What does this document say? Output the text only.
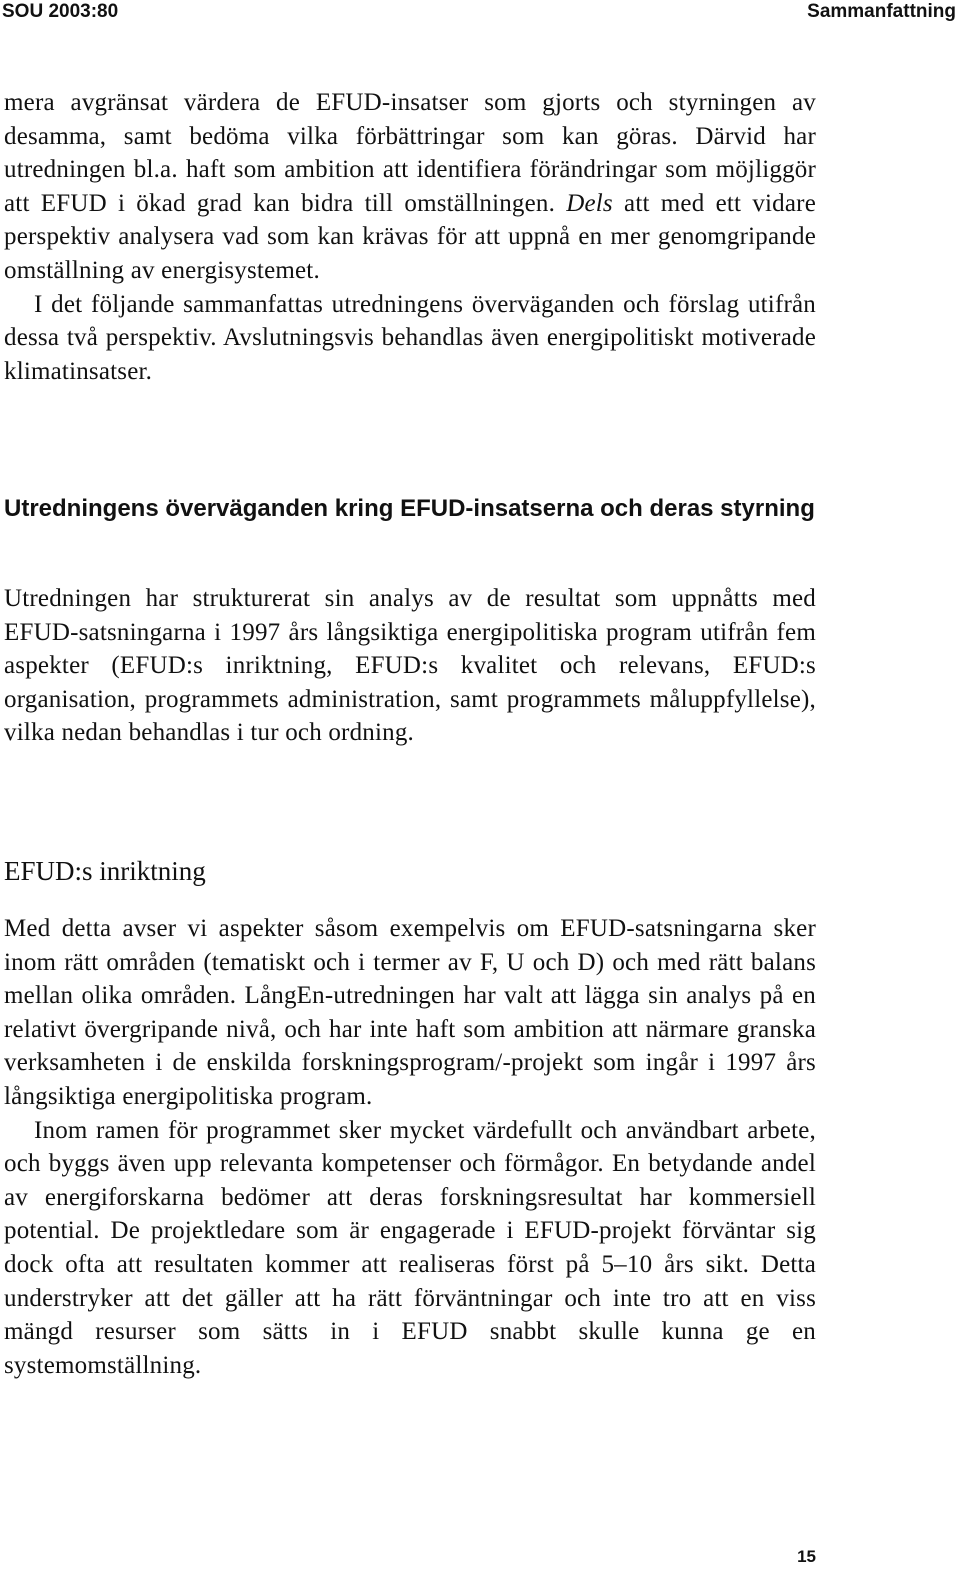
SOU 2003:80	Sammanfattning

mera avgränsat värdera de EFUD-insatser som gjorts och styrningen av desamma, samt bedöma vilka förbättringar som kan göras. Därvid har utredningen bl.a. haft som ambition att identifiera förändringar som möjliggör att EFUD i ökad grad kan bidra till omställningen. Dels att med ett vidare perspektiv analysera vad som kan krävas för att uppnå en mer genomgripande omställning av energisystemet.

I det följande sammanfattas utredningens överväganden och förslag utifrån dessa två perspektiv. Avslutningsvis behandlas även energipolitiskt motiverade klimatinsatser.

Utredningens överväganden kring EFUD-insatserna och deras styrning

Utredningen har strukturerat sin analys av de resultat som uppnåtts med EFUD-satsningarna i 1997 års långsiktiga energipolitiska program utifrån fem aspekter (EFUD:s inriktning, EFUD:s kvalitet och relevans, EFUD:s organisation, programmets administration, samt programmets måluppfyllelse), vilka nedan behandlas i tur och ordning.

EFUD:s inriktning

Med detta avser vi aspekter såsom exempelvis om EFUD-satsningarna sker inom rätt områden (tematiskt och i termer av F, U och D) och med rätt balans mellan olika områden. LångEn-utredningen har valt att lägga sin analys på en relativt övergripande nivå, och har inte haft som ambition att närmare granska verksamheten i de enskilda forskningsprogram/-projekt som ingår i 1997 års långsiktiga energipolitiska program.

Inom ramen för programmet sker mycket värdefullt och användbart arbete, och byggs även upp relevanta kompetenser och förmågor. En betydande andel av energiforskarna bedömer att deras forskningsresultat har kommersiell potential. De projektledare som är engagerade i EFUD-projekt förväntar sig dock ofta att resultaten kommer att realiseras först på 5–10 års sikt. Detta understryker att det gäller att ha rätt förväntningar och inte tro att en viss mängd resurser som sätts in i EFUD snabbt skulle kunna ge en systemomställning.

15
